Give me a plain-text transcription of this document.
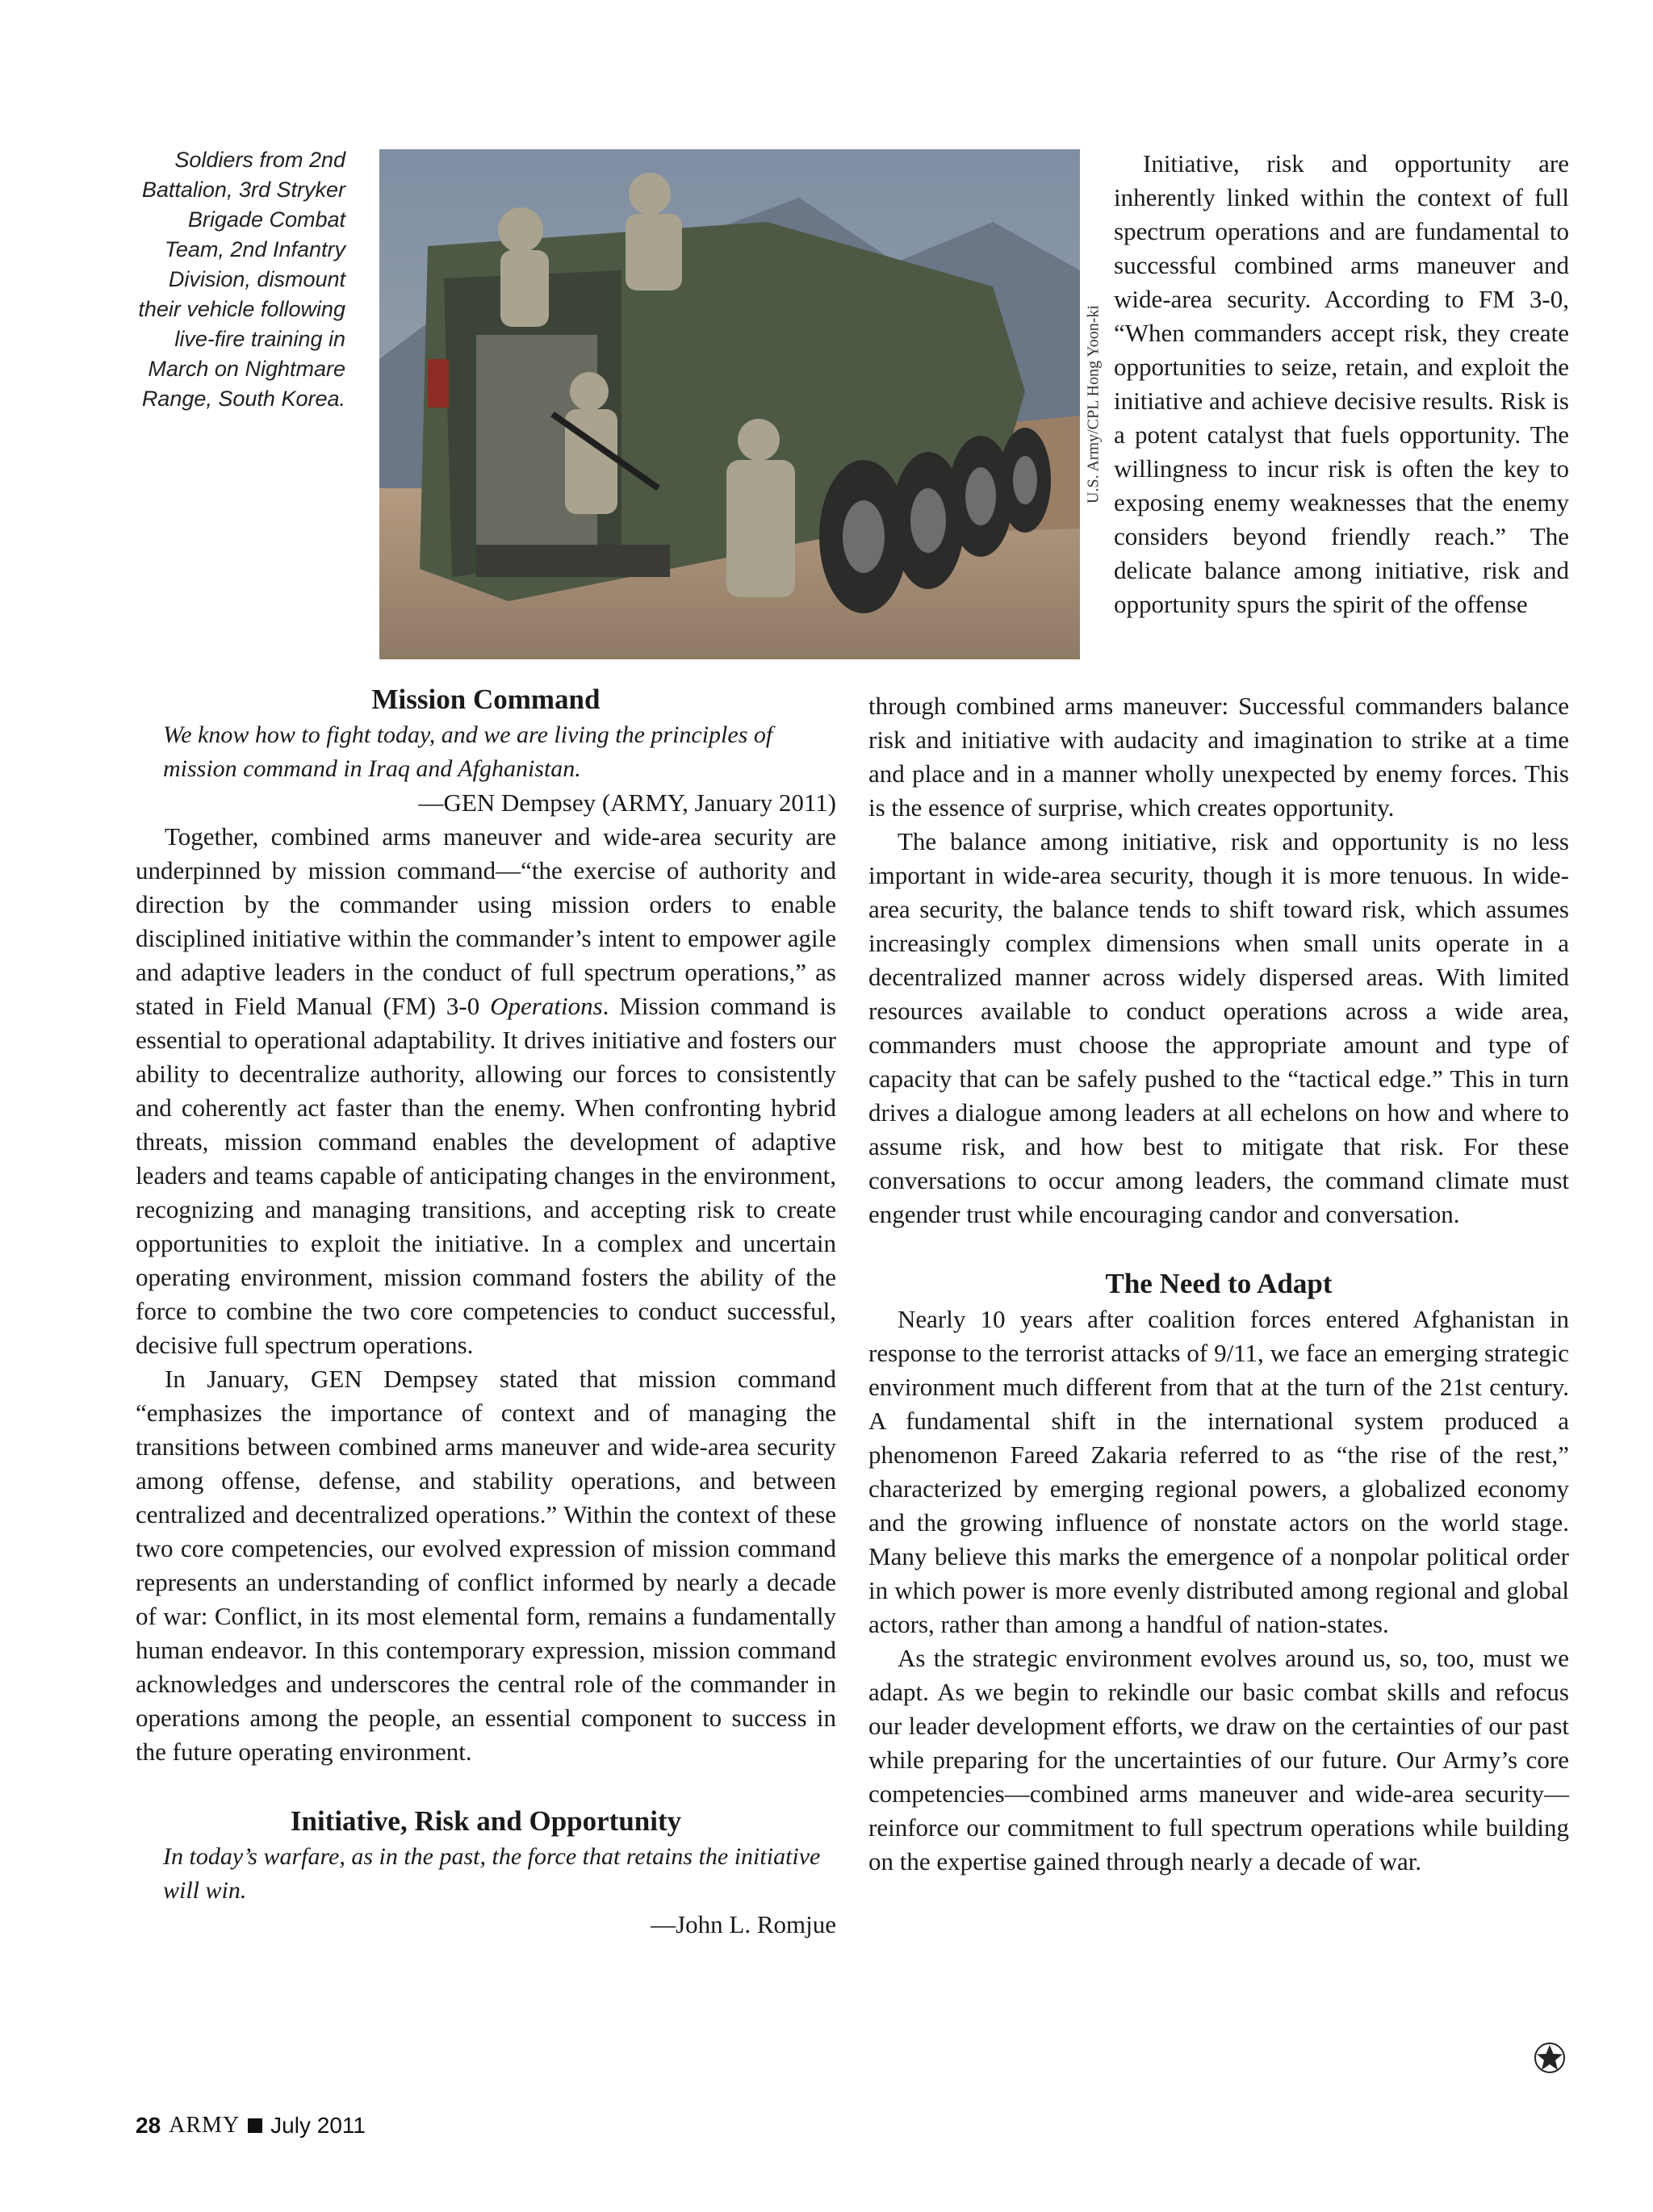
Soldiers from 2nd Battalion, 3rd Stryker Brigade Combat Team, 2nd Infantry Division, dismount their vehicle following live-fire training in March on Nightmare Range, South Korea.	U.S. Army/CPL Hong Yoon-ki

Initiative, risk and opportunity are inherently linked within the context of full spectrum operations and are fundamental to successful combined arms maneuver and wide-area security. According to FM 3-0, “When commanders accept risk, they create opportunities to seize, retain, and exploit the initiative and achieve decisive results. Risk is a potent catalyst that fuels opportunity. The willingness to incur risk is often the key to exposing enemy weaknesses that the enemy considers beyond friendly reach.” The delicate balance among initiative, risk and opportunity spurs the spirit of the offense

through combined arms maneuver: Successful commanders balance risk and initiative with audacity and imagination to strike at a time and place and in a manner wholly unexpected by enemy forces. This is the essence of surprise, which creates opportunity.

The balance among initiative, risk and opportunity is no less important in wide-area security, though it is more tenuous. In wide-area security, the balance tends to shift toward risk, which assumes increasingly complex dimensions when small units operate in a decentralized manner across widely dispersed areas. With limited resources available to conduct operations across a wide area, commanders must choose the appropriate amount and type of capacity that can be safely pushed to the “tactical edge.” This in turn drives a dialogue among leaders at all echelons on how and where to assume risk, and how best to mitigate that risk. For these conversations to occur among leaders, the command climate must engender trust while encouraging candor and conversation.

The Need to Adapt

Nearly 10 years after coalition forces entered Afghanistan in response to the terrorist attacks of 9/11, we face an emerging strategic environment much different from that at the turn of the 21st century. A fundamental shift in the international system produced a phenomenon Fareed Zakaria referred to as “the rise of the rest,” characterized by emerging regional powers, a globalized economy and the growing influence of nonstate actors on the world stage. Many believe this marks the emergence of a nonpolar political order in which power is more evenly distributed among regional and global actors, rather than among a handful of nation-states.

As the strategic environment evolves around us, so, too, must we adapt. As we begin to rekindle our basic combat skills and refocus our leader development efforts, we draw on the certainties of our past while preparing for the uncertainties of our future. Our Army’s core competencies—combined arms maneuver and wide-area security—reinforce our commitment to full spectrum operations while building on the expertise gained through nearly a decade of war.

Mission Command
We know how to fight today, and we are living the principles of mission command in Iraq and Afghanistan.
—GEN Dempsey (ARMY, January 2011)

Together, combined arms maneuver and wide-area security are underpinned by mission command—“the exercise of authority and direction by the commander using mission orders to enable disciplined initiative within the commander’s intent to empower agile and adaptive leaders in the conduct of full spectrum operations,” as stated in Field Manual (FM) 3-0 Operations. Mission command is essential to operational adaptability. It drives initiative and fosters our ability to decentralize authority, allowing our forces to consistently and coherently act faster than the enemy. When confronting hybrid threats, mission command enables the development of adaptive leaders and teams capable of anticipating changes in the environment, recognizing and managing transitions, and accepting risk to create opportunities to exploit the initiative. In a complex and uncertain operating environment, mission command fosters the ability of the force to combine the two core competencies to conduct successful, decisive full spectrum operations.

In January, GEN Dempsey stated that mission command “emphasizes the importance of context and of managing the transitions between combined arms maneuver and wide-area security among offense, defense, and stability operations, and between centralized and decentralized operations.” Within the context of these two core competencies, our evolved expression of mission command represents an understanding of conflict informed by nearly a decade of war: Conflict, in its most elemental form, remains a fundamentally human endeavor. In this contemporary expression, mission command acknowledges and underscores the central role of the commander in operations among the people, an essential component to success in the future operating environment.

Initiative, Risk and Opportunity
In today’s warfare, as in the past, the force that retains the initiative will win.
—John L. Romjue
28 ARMY July 2011
